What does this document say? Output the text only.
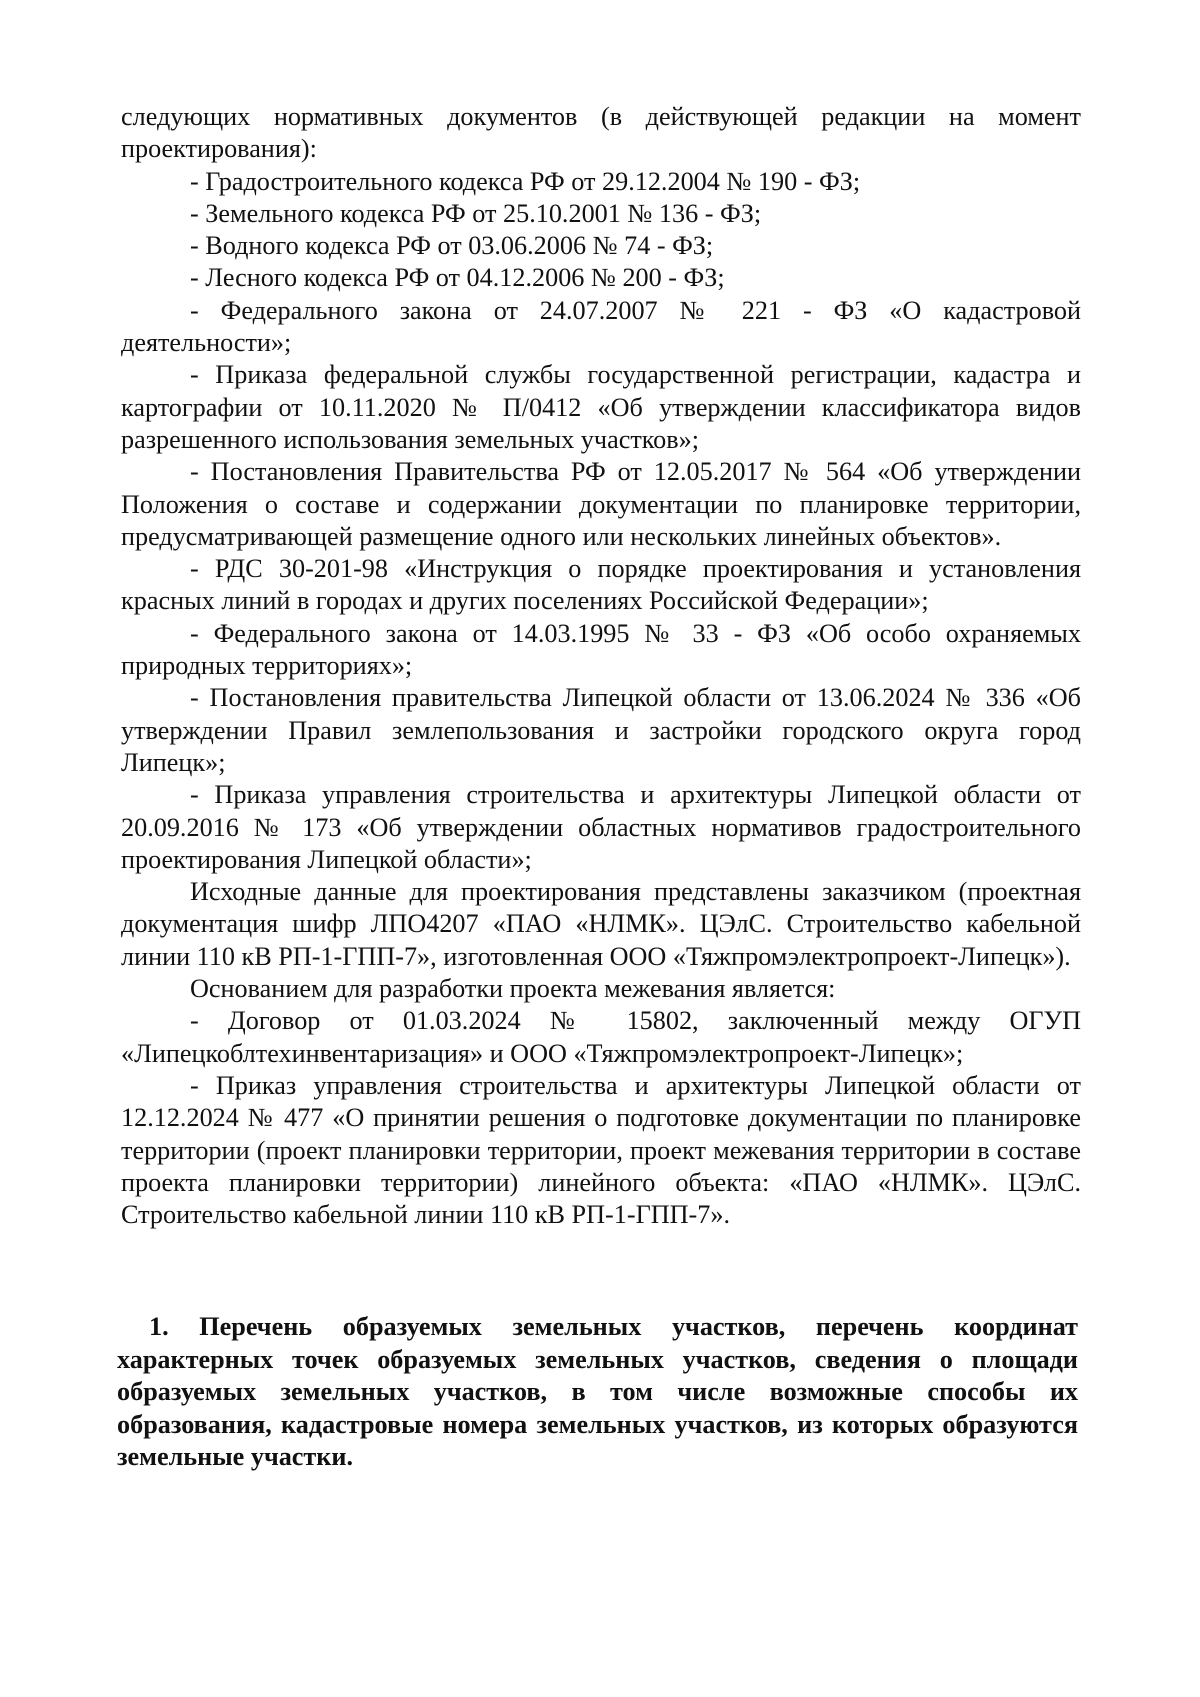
следующих нормативных документов (в действующей редакции на момент проектирования):

- Градостроительного кодекса РФ от 29.12.2004 № 190 - ФЗ;

- Земельного кодекса РФ от 25.10.2001 № 136 - ФЗ;

- Водного кодекса РФ от 03.06.2006 № 74 - ФЗ;

- Лесного кодекса РФ от 04.12.2006 № 200 - ФЗ;

- Федерального закона от 24.07.2007 № 221 - ФЗ «О кадастровой деятельности»;

- Приказа федеральной службы государственной регистрации, кадастра и картографии от 10.11.2020 № П/0412 «Об утверждении классификатора видов разрешенного использования земельных участков»;

- Постановления Правительства РФ от 12.05.2017 № 564 «Об утверждении Положения о составе и содержании документации по планировке территории, предусматривающей размещение одного или нескольких линейных объектов».

- РДС 30-201-98 «Инструкция о порядке проектирования и установления красных линий в городах и других поселениях Российской Федерации»;

- Федерального закона от 14.03.1995 № 33 - ФЗ «Об особо охраняемых природных территориях»;

- Постановления правительства Липецкой области от 13.06.2024 № 336 «Об утверждении Правил землепользования и застройки городского округа город Липецк»;

- Приказа управления строительства и архитектуры Липецкой области от 20.09.2016 № 173 «Об утверждении областных нормативов градостроительного проектирования Липецкой области»;

Исходные данные для проектирования представлены заказчиком (проектная документация шифр ЛПО4207 «ПАО «НЛМК». ЦЭлС. Строительство кабельной линии 110 кВ РП-1-ГПП-7», изготовленная ООО «Тяжпромэлектропроект-Липецк»).

Основанием для разработки проекта межевания является:

- Договор от 01.03.2024 № 15802, заключенный между ОГУП «Липецкоблтехинвентаризация» и ООО «Тяжпромэлектропроект-Липецк»;

- Приказ управления строительства и архитектуры Липецкой области от 12.12.2024 № 477 «О принятии решения о подготовке документации по планировке территории (проект планировки территории, проект межевания территории в составе проекта планировки территории) линейного объекта: «ПАО «НЛМК». ЦЭлС. Строительство кабельной линии 110 кВ РП-1-ГПП-7».

1. Перечень образуемых земельных участков, перечень координат характерных точек образуемых земельных участков, сведения о площади образуемых земельных участков, в том числе возможные способы их образования, кадастровые номера земельных участков, из которых образуются земельные участки.
